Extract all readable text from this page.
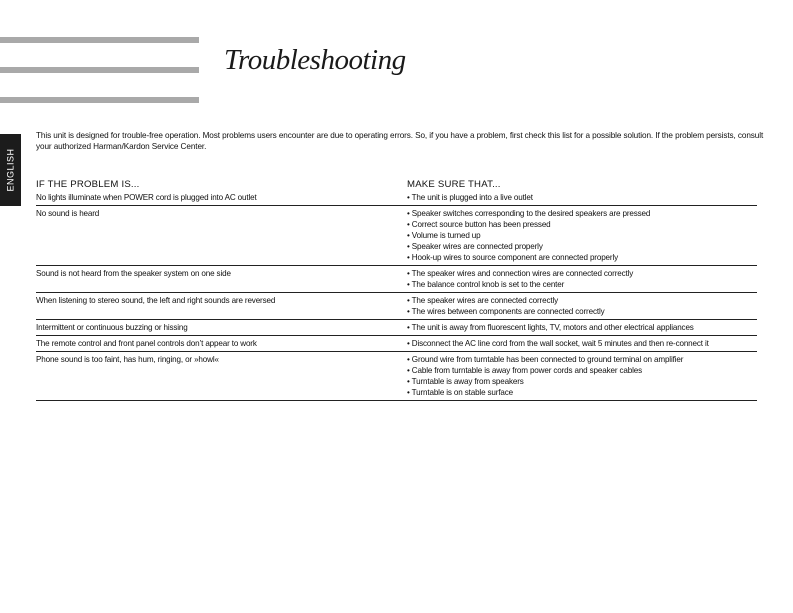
Troubleshooting
ENGLISH

This unit is designed for trouble-free operation. Most problems users encounter are due to operating errors. So, if you have a problem, first check this list for a possible solution. If the problem persists, consult your authorized Harman/Kardon Service Center.

IF THE PROBLEM IS...	MAKE SURE THAT...
No lights illuminate when POWER cord is plugged into AC outlet	• The unit is plugged into a live outlet
No sound is heard	• Speaker switches corresponding to the desired speakers are pressed
• Correct source button has been pressed
• Volume is turned up
• Speaker wires are connected properly
• Hook-up wires to source component are connected properly
Sound is not heard from the speaker system on one side	• The speaker wires and connection wires are connected correctly
• The balance control knob is set to the center
When listening to stereo sound, the left and right sounds are reversed	• The speaker wires are connected correctly
• The wires between components are connected correctly
Intermittent or continuous buzzing or hissing	• The unit is away from fluorescent lights, TV, motors and other electrical appliances
The remote control and front panel controls don’t appear to work	• Disconnect the AC line cord from the wall socket, wait 5 minutes and then re-connect it
Phone sound is too faint, has hum, ringing, or »howl«	• Ground wire from turntable has been connected to ground terminal on amplifier
• Cable from turntable is away from power cords and speaker cables
• Turntable is away from speakers
• Turntable is on stable surface
